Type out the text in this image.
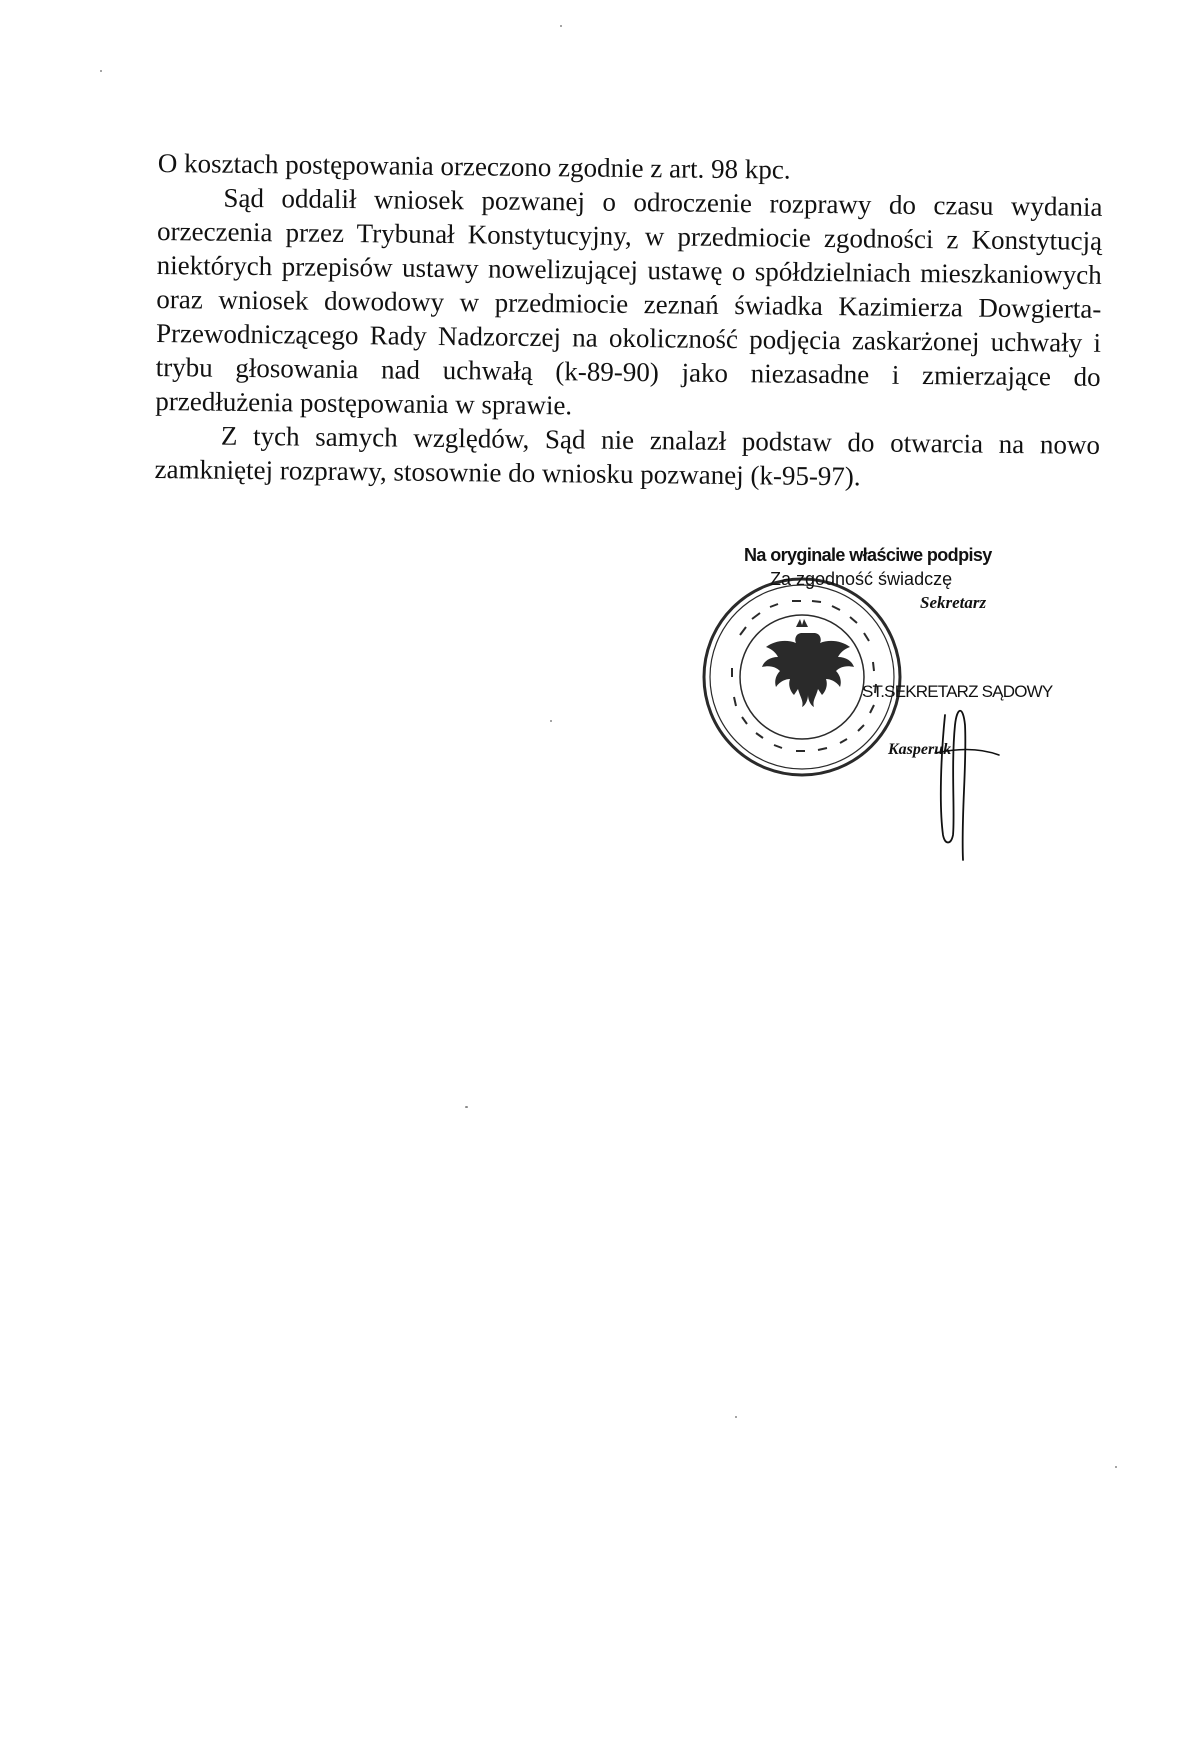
O kosztach postępowania orzeczono zgodnie z art. 98 kpc.

Sąd oddalił wniosek pozwanej o odroczenie rozprawy do czasu wydania orzeczenia przez Trybunał Konstytucyjny, w przedmiocie zgodności z Konstytucją niektórych przepisów ustawy nowelizującej ustawę o spółdzielniach mieszkaniowych oraz wniosek dowodowy w przedmiocie zeznań świadka Kazimierza Dowgierta- Przewodniczącego Rady Nadzorczej na okoliczność podjęcia zaskarżonej uchwały i trybu głosowania nad uchwałą (k-89-90) jako niezasadne i zmierzające do przedłużenia postępowania w sprawie.

Z tych samych względów, Sąd nie znalazł podstaw do otwarcia na nowo zamkniętej rozprawy, stosownie do wniosku pozwanej (k-95-97).

Na oryginale właściwe podpisy
Za zgodność świadczę
Sekretarz
ST.SEKRETARZ SĄDOWY
Kasperuk
